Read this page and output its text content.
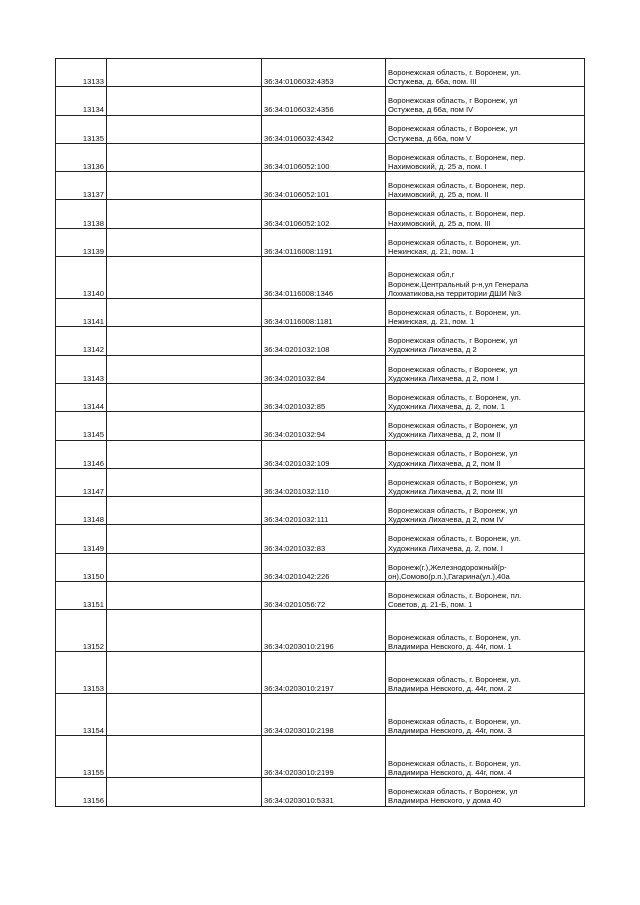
13133		36:34:0106032:4353	Воронежская область, г. Воронеж, ул.
Остужева, д. 66а, пом. III

13134		36:34:0106032:4356	Воронежская область, г Воронеж, ул
Остужева, д 66а, пом IV

13135		36:34:0106032:4342	Воронежская область, г Воронеж, ул
Остужева, д 66а, пом V

13136		36:34:0106052:100	Воронежская область, г. Воронеж, пер.
Нахимовский, д. 25 а, пом. I

13137		36:34:0106052:101	Воронежская область, г. Воронеж, пер.
Нахимовский, д. 25 а, пом. II

13138		36:34:0106052:102	Воронежская область, г. Воронеж, пер.
Нахимовский, д. 25 а, пом. III

13139		36:34:0116008:1191	Воронежская область, г. Воронеж, ул.
Нежинская, д. 21, пом. 1

13140		36:34:0116008:1346	Воронежская обл,г
Воронеж,Центральный р-н,ул Генерала
Лохматикова,на территории ДШИ №3

13141		36:34:0116008:1181	Воронежская область, г. Воронеж, ул.
Нежинская, д. 21, пом. 1

13142		36:34:0201032:108	Воронежская область, г Воронеж, ул
Художника Лихачева, д 2

13143		36:34:0201032:84	Воронежская область, г Воронеж, ул
Художника Лихачева, д 2, пом I

13144		36:34:0201032:85	Воронежская область, г. Воронеж, ул.
Художника Лихачева, д. 2, пом. 1

13145		36:34:0201032:94	Воронежская область, г Воронеж, ул
Художника Лихачева, д 2, пом II

13146		36:34:0201032:109	Воронежская область, г Воронеж, ул
Художника Лихачева, д 2, пом II

13147		36:34:0201032:110	Воронежская область, г Воронеж, ул
Художника Лихачева, д 2, пом III

13148		36:34:0201032:111	Воронежская область, г Воронеж, ул
Художника Лихачева, д 2, пом IV

13149		36:34:0201032:83	Воронежская область, г. Воронеж, ул.
Художника Лихачева, д. 2, пом. I

13150		36:34:0201042:226	Воронеж(г.),Железнодорожный(р-
он),Сомово(р.п.),Гагарина(ул.),40а

13151		36:34:0201056:72	Воронежская область, г. Воронеж, пл.
Советов, д. 21-Б, пом. 1

13152		36:34:0203010:2196	Воронежская область, г. Воронеж, ул.
Владимира Невского, д. 44г, пом. 1

13153		36:34:0203010:2197	Воронежская область, г. Воронеж, ул.
Владимира Невского, д. 44г, пом. 2

13154		36:34:0203010:2198	Воронежская область, г. Воронеж, ул.
Владимира Невского, д. 44г, пом. 3

13155		36:34:0203010:2199	Воронежская область, г. Воронеж, ул.
Владимира Невского, д. 44г, пом. 4

13156		36:34:0203010:5331	Воронежская область, г Воронеж, ул
Владимира Невского, у дома 40
